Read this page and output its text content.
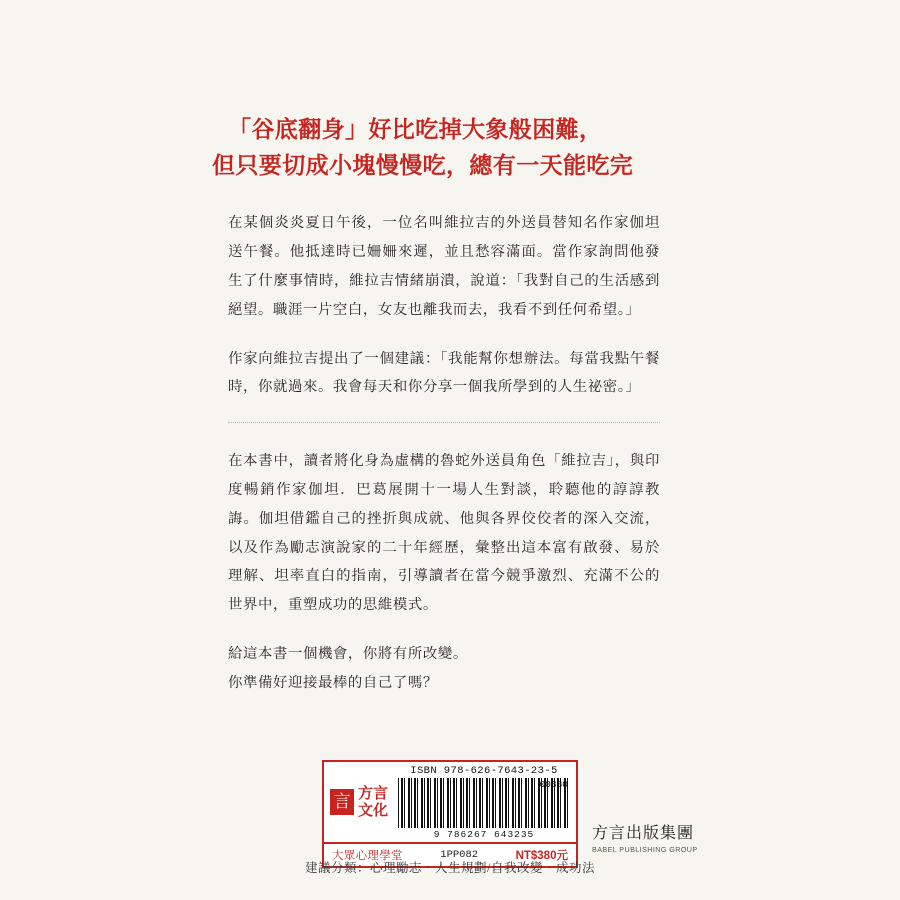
「谷底翻身」好比吃掉大象般困難，
但只要切成小塊慢慢吃，總有一天能吃完

在某個炎炎夏日午後，一位名叫維拉吉的外送員替知名作家伽坦送午餐。他抵達時已姍姍來遲，並且愁容滿面。當作家詢問他發生了什麼事情時，維拉吉情緒崩潰，說道：「我對自己的生活感到絕望。職涯一片空白，女友也離我而去，我看不到任何希望。」

作家向維拉吉提出了一個建議：「我能幫你想辦法。每當我點午餐時，你就過來。我會每天和你分享一個我所學到的人生祕密。」

在本書中，讀者將化身為虛構的魯蛇外送員角色「維拉吉」，與印度暢銷作家伽坦．巴葛展開十一場人生對談，聆聽他的諄諄教誨。伽坦借鑑自己的挫折與成就、他與各界佼佼者的深入交流，以及作為勵志演說家的二十年經歷，彙整出這本富有啟發、易於理解、坦率直白的指南，引導讀者在當今競爭激烈、充滿不公的世界中，重塑成功的思維模式。

給這本書一個機會，你將有所改變。

你準備好迎接最棒的自己了嗎？

言 方言
文化
ISBN 978-626-7643-23-5
9 786267 643235
00380
大眾心理學堂	1PP082	NT$380元
方言出版集團
BABEL PUBLISHING GROUP
建議分類：心理勵志‧人生規劃/自我改變‧成功法
